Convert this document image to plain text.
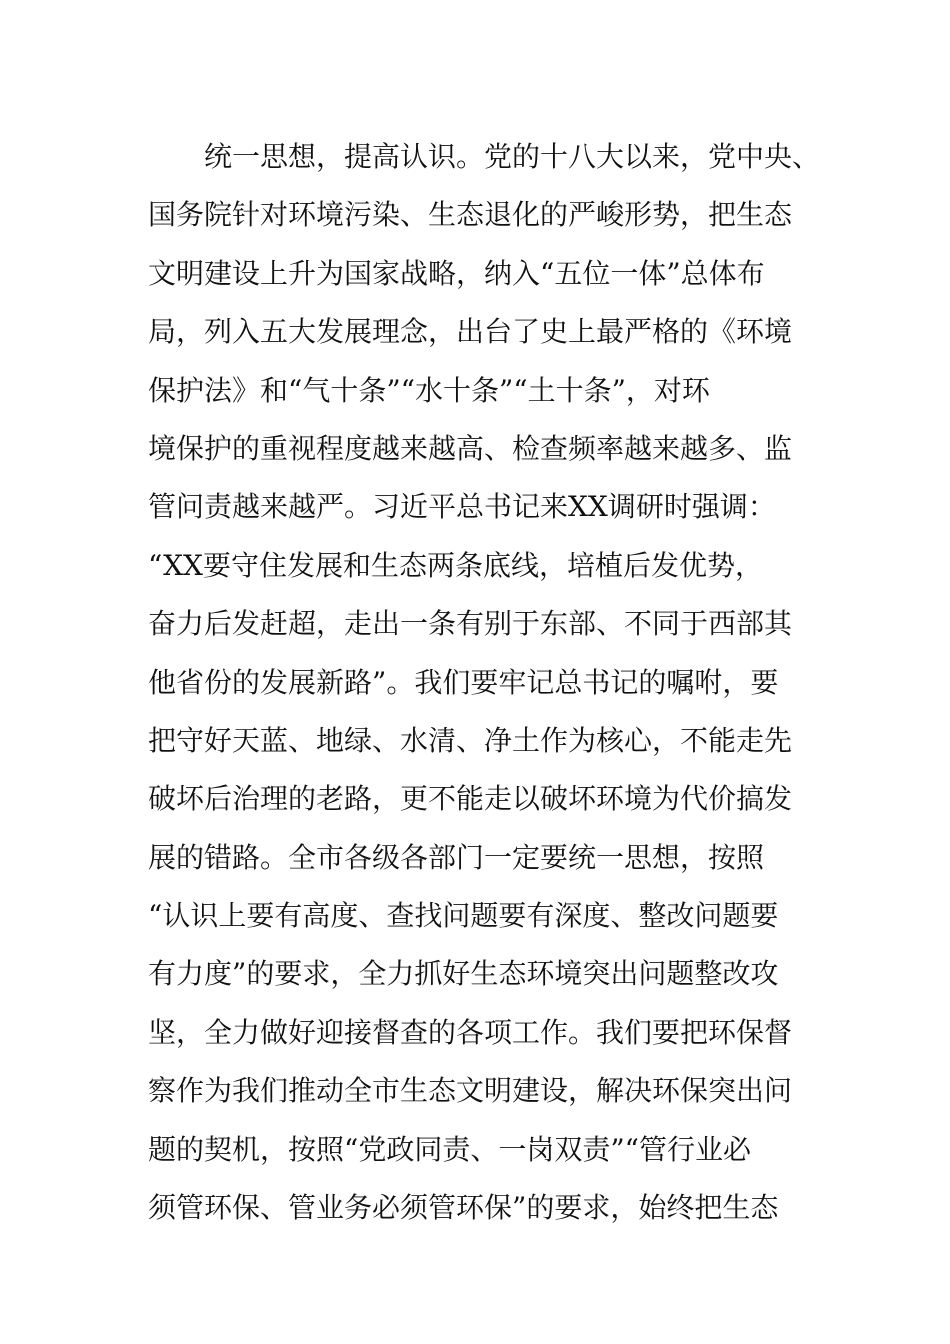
统一思想，提高认识。党的十八大以来，党中央、
国务院针对环境污染、生态退化的严峻形势，把生态
文明建设上升为国家战略，纳入“五位一体”总体布
局，列入五大发展理念，出台了史上最严格的《环境
保护法》和“气十条”“水十条”“土十条”，对环
境保护的重视程度越来越高、检查频率越来越多、监
管问责越来越严。习近平总书记来XX调研时强调：
“XX要守住发展和生态两条底线，培植后发优势，
奋力后发赶超，走出一条有别于东部、不同于西部其
他省份的发展新路”。我们要牢记总书记的嘱咐，要
把守好天蓝、地绿、水清、净土作为核心，不能走先
破坏后治理的老路，更不能走以破坏环境为代价搞发
展的错路。全市各级各部门一定要统一思想，按照
“认识上要有高度、查找问题要有深度、整改问题要
有力度”的要求，全力抓好生态环境突出问题整改攻
坚，全力做好迎接督查的各项工作。我们要把环保督
察作为我们推动全市生态文明建设，解决环保突出问
题的契机，按照“党政同责、一岗双责”“管行业必
须管环保、管业务必须管环保”的要求，始终把生态
